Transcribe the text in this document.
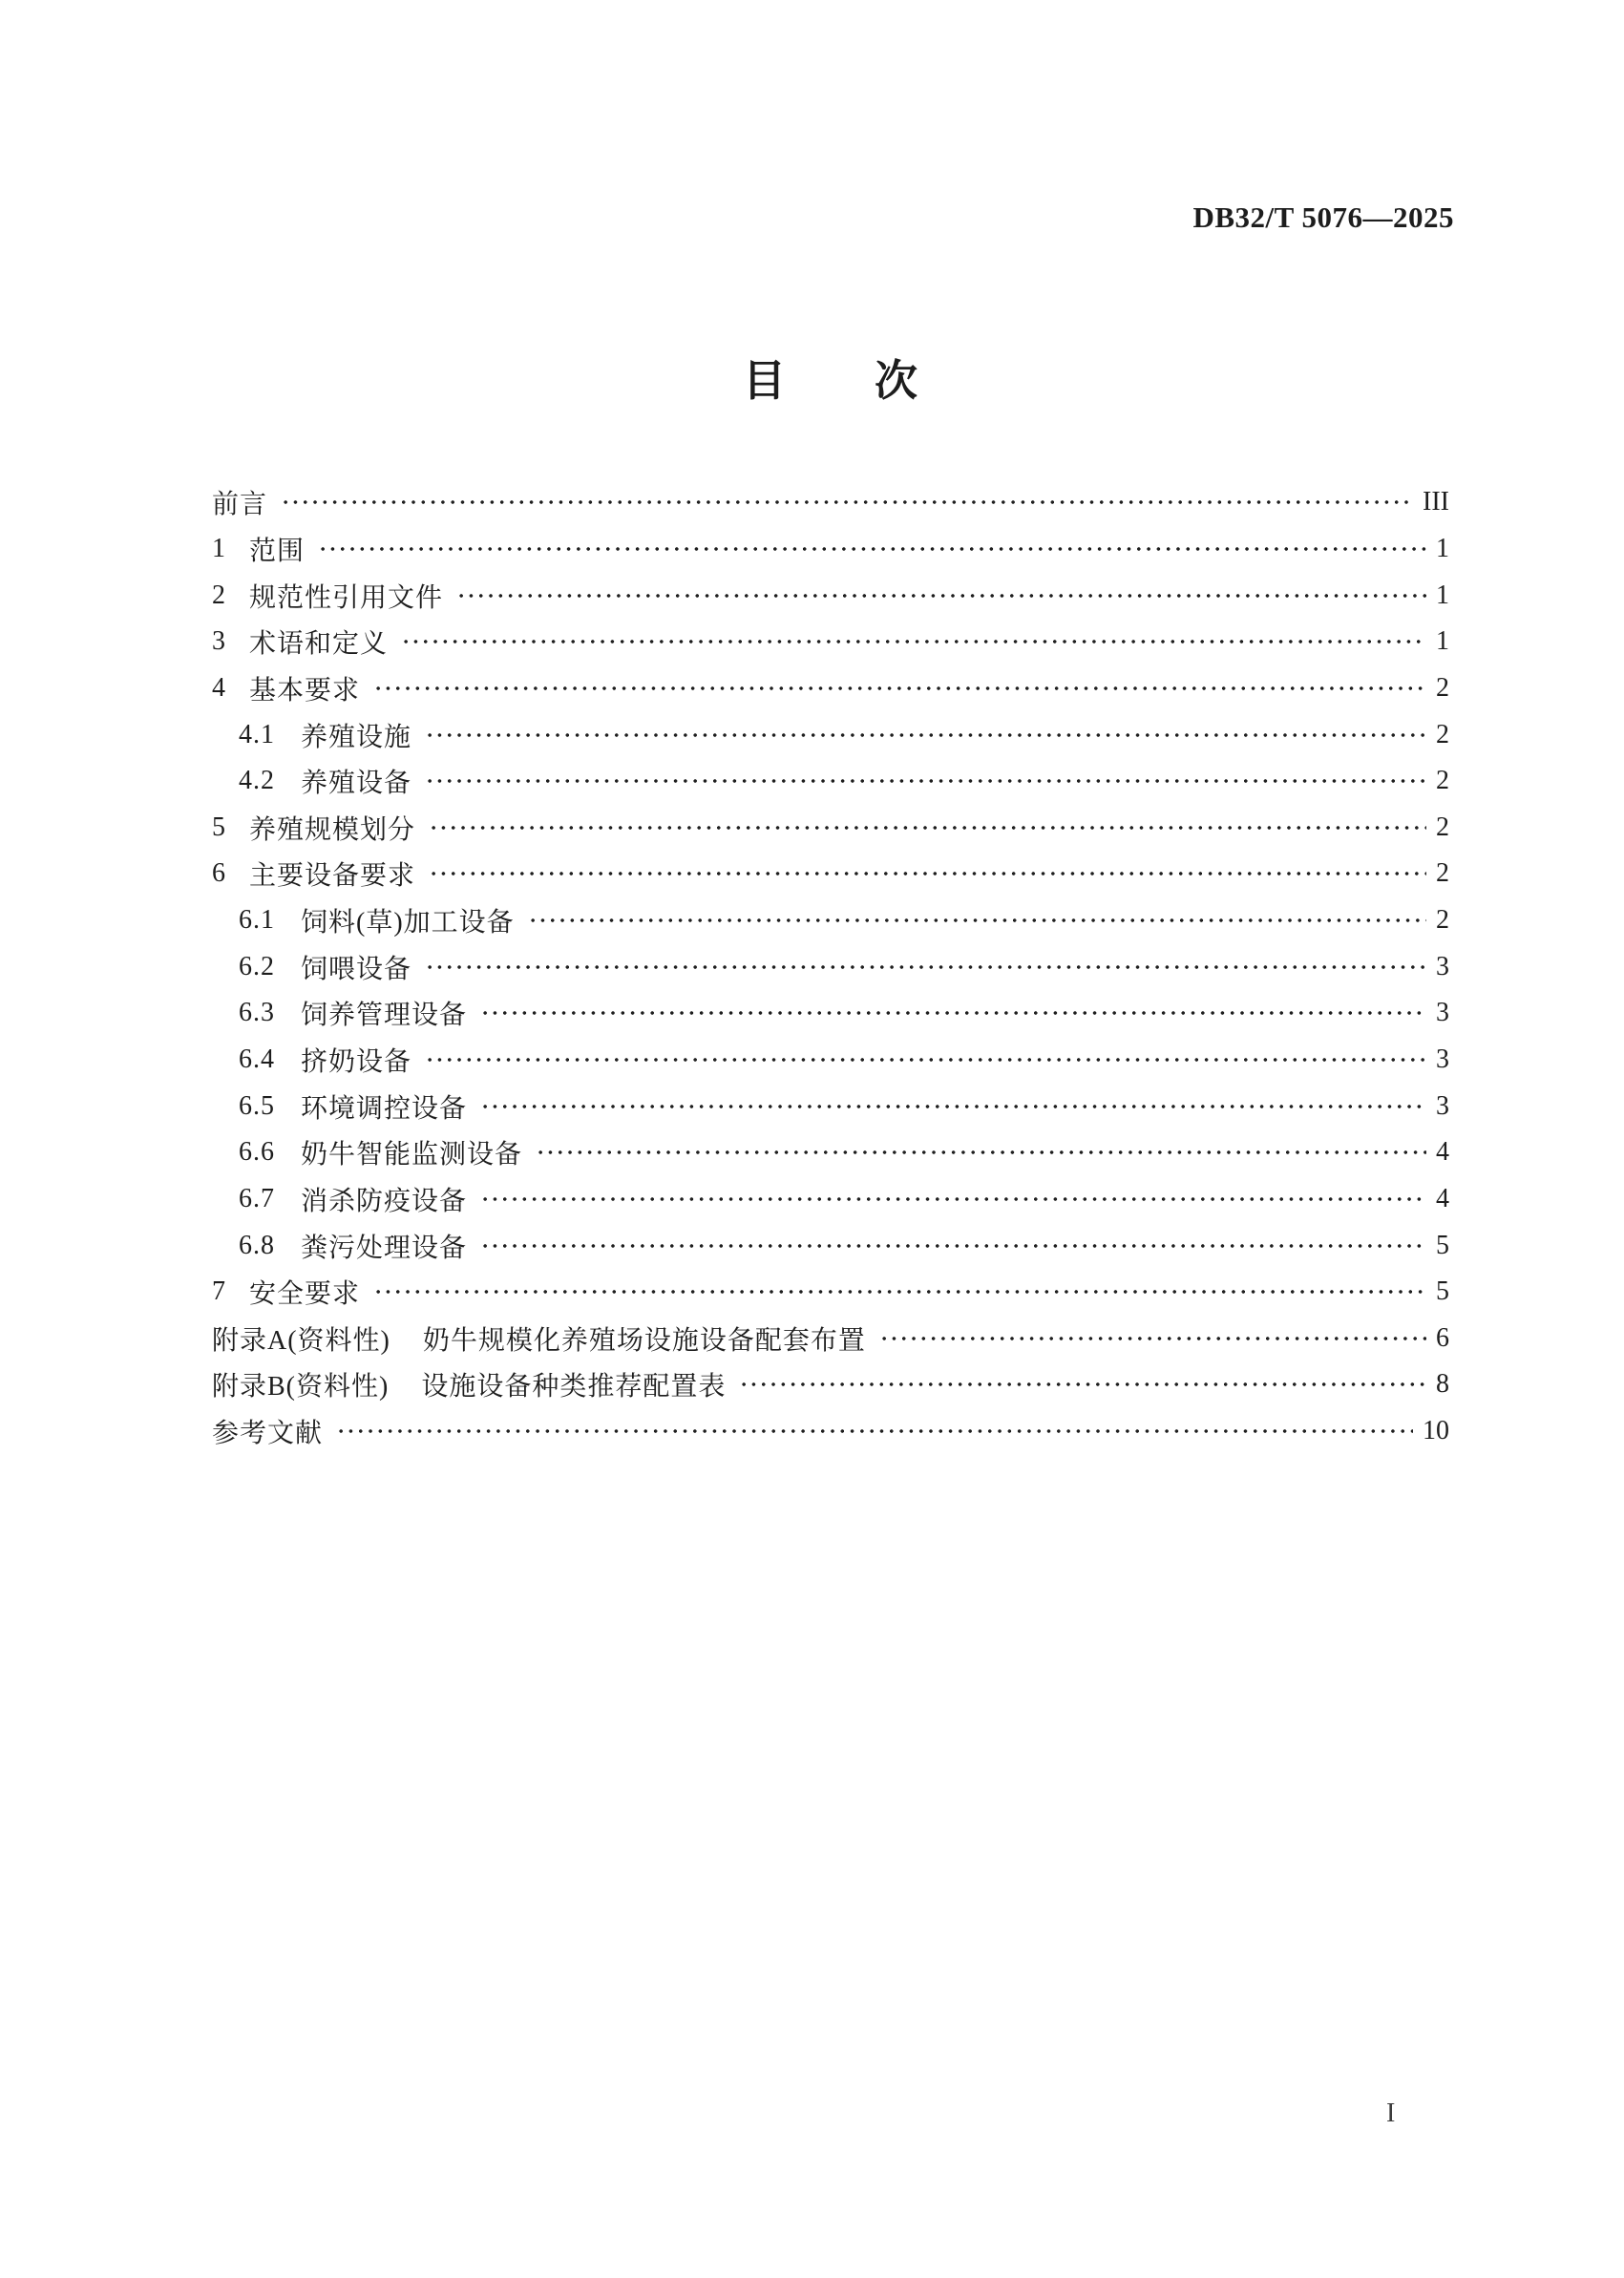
DB32/T 5076—2025
目　　次
前言	III
1 范围	1
2 规范性引用文件	1
3 术语和定义	1
4 基本要求	2
4.1 养殖设施	2
4.2 养殖设备	2
5 养殖规模划分	2
6 主要设备要求	2
6.1 饲料(草)加工设备	2
6.2 饲喂设备	3
6.3 饲养管理设备	3
6.4 挤奶设备	3
6.5 环境调控设备	3
6.6 奶牛智能监测设备	4
6.7 消杀防疫设备	4
6.8 粪污处理设备	5
7 安全要求	5
附录A(资料性) 奶牛规模化养殖场设施设备配套布置	6
附录B(资料性) 设施设备种类推荐配置表	8
参考文献	10
I
